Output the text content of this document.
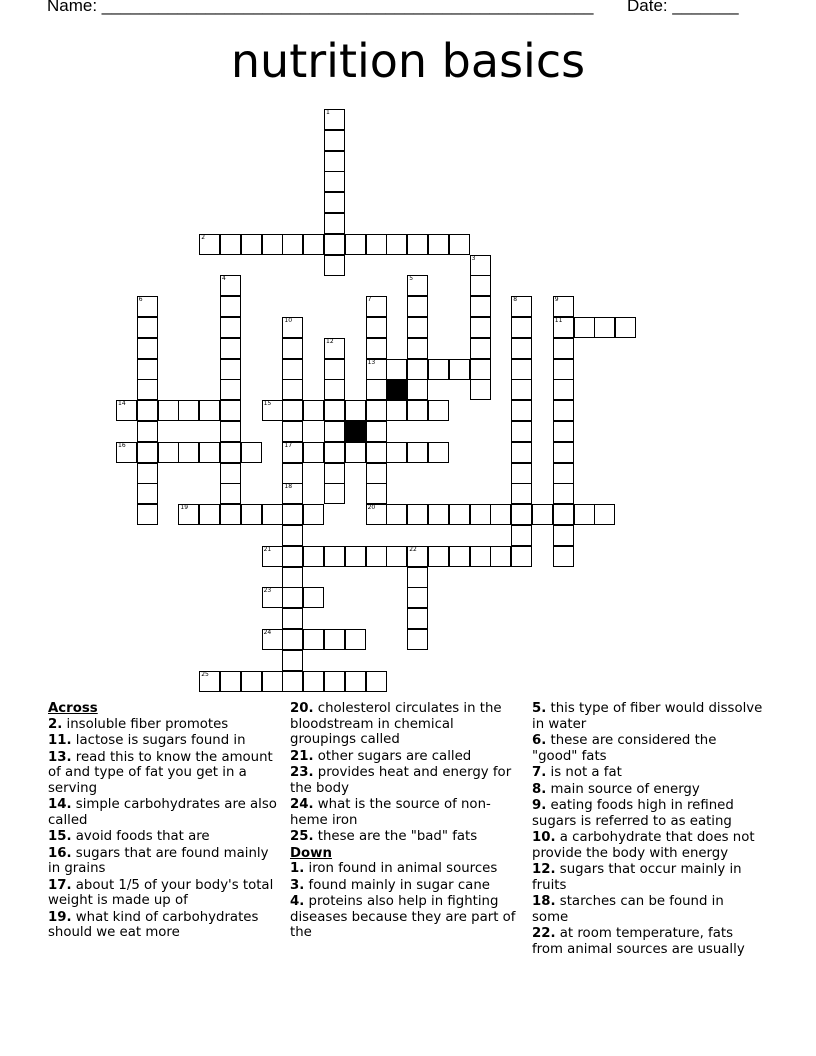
Name: ____________________________________________________ Date: _______
nutrition basics
1
2
3
4	5
6	7
13
8	9
11
10
17
12
14	15
16
18
19	20
21	22
23
24
25
Across
2. insoluble fiber promotes
11. lactose is sugars found in
13. read this to know the amount of and type of fat you get in a serving
14. simple carbohydrates are also called
15. avoid foods that are
16. sugars that are found mainly in grains
17. about 1/5 of your body's total weight is made up of
19. what kind of carbohydrates should we eat more
20. cholesterol circulates in the bloodstream in chemical groupings called
21. other sugars are called
23. provides heat and energy for the body
24. what is the source of non-heme iron
25. these are the "bad" fats
Down
1. iron found in animal sources
3. found mainly in sugar cane
4. proteins also help in fighting diseases because they are part of the
5. this type of fiber would dissolve in water
6. these are considered the "good" fats
7. is not a fat
8. main source of energy
9. eating foods high in refined sugars is referred to as eating
10. a carbohydrate that does not provide the body with energy
12. sugars that occur mainly in fruits
18. starches can be found in some
22. at room temperature, fats from animal sources are usually
